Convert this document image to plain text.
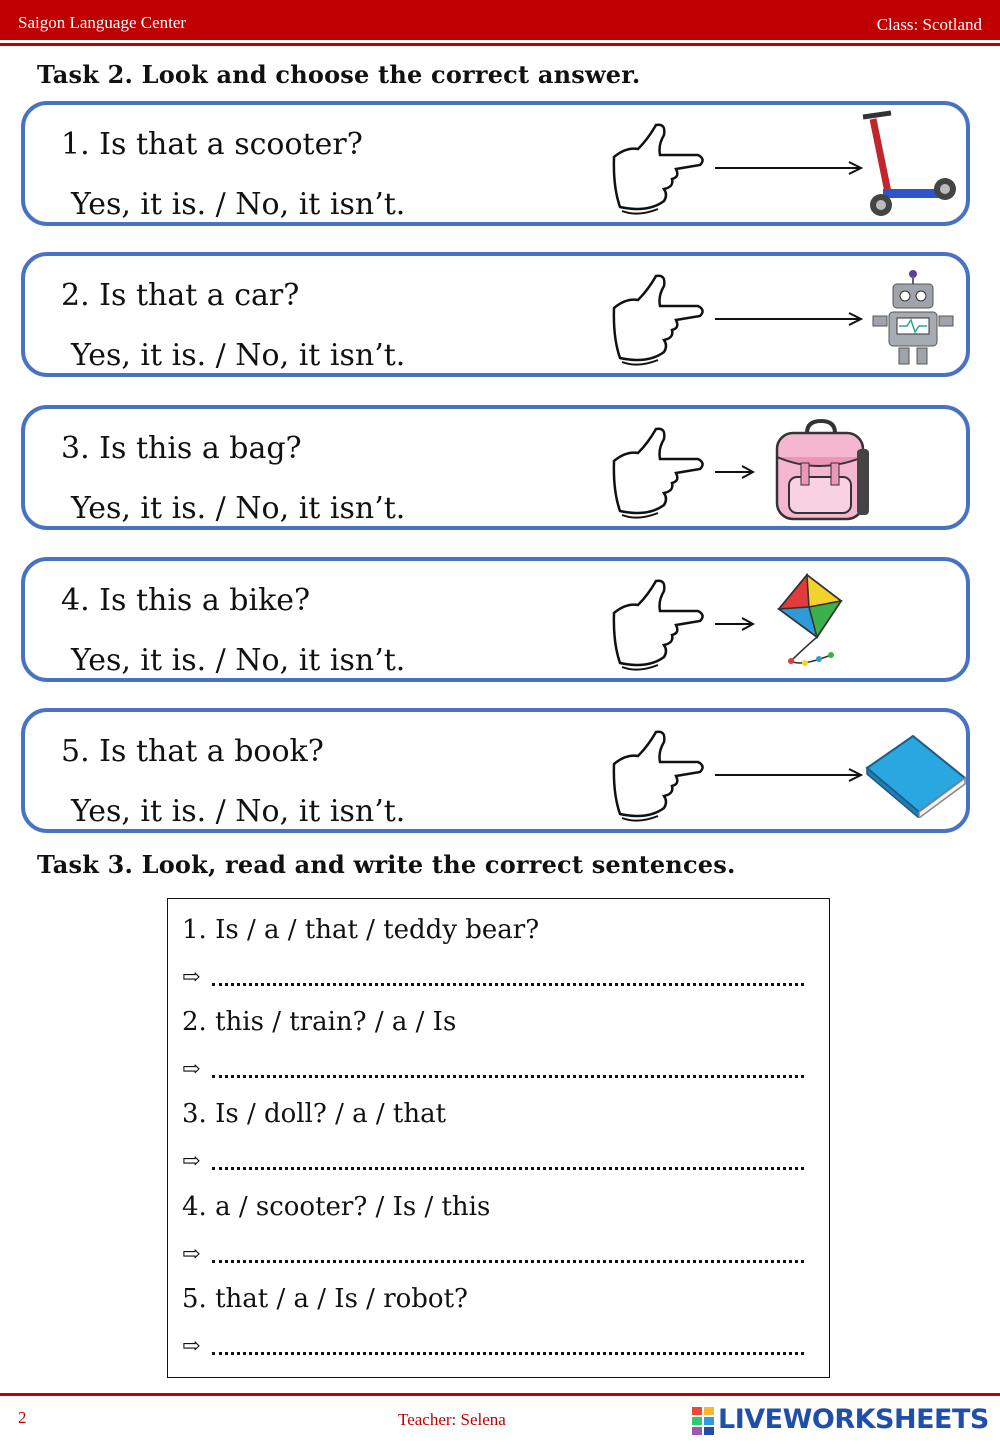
Saigon Language Center	Class: Scotland
Task 2. Look and choose the correct answer.
1. Is that a scooter?
Yes, it is. / No, it isn’t.
2. Is that a car?
Yes, it is. / No, it isn’t.
3. Is this a bag?
Yes, it is. / No, it isn’t.
4. Is this a bike?
Yes, it is. / No, it isn’t.
5. Is that a book?
Yes, it is. / No, it isn’t.
Task 3. Look, read and write the correct sentences.
1. Is / a / that / teddy bear?
⇨
2. this / train? / a / Is
⇨
3. Is / doll? / a / that
⇨
4. a / scooter? / Is / this
⇨
5. that / a / Is / robot?
⇨
2	Teacher: Selena	LIVEWORKSHEETS
